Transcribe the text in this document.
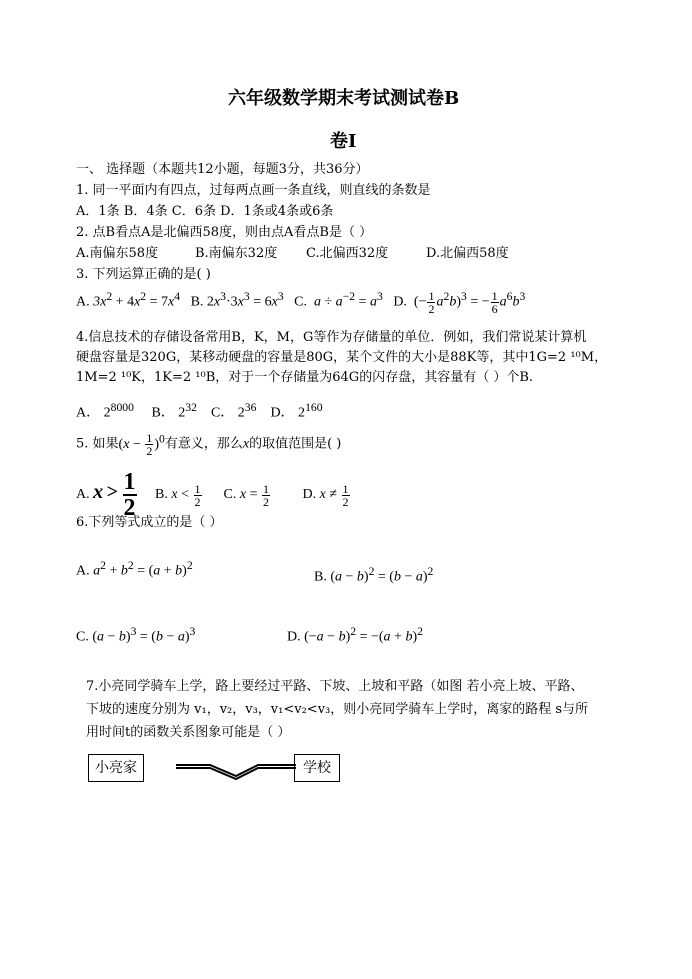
六年级数学期末考试测试卷B
卷I
一、 选择题（本题共12小题，每题3分，共36分）
1. 同一平面内有四点，过每两点画一条直线，则直线的条数是
A．1条 B．4条 C．6条 D．1条或4条或6条
2. 点B看点A是北偏西58度，则由点A看点B是（ ）
A.南偏东58度	B.南偏东32度 C.北偏西32度	D.北偏西58度
3. 下列运算正确的是( )
A. $3x^2 + 4x^2 = 7x^4$   B. $2x^3\cdot 3x^3 = 6x^3$   C.  $a \div a^{-2} = a^3$   D.  (− $\frac{1}{2} a^2b)^3$ = − $\frac{1}{6} a^6b^3$
4.信息技术的存储设备常用B，K，M，G等作为存储量的单位．例如，我们常说某计算机
硬盘容量是320G，某移动硬盘的容量是80G，某个文件的大小是88K等，其中1G=2 ¹⁰M，
1M=2 ¹⁰K，1K=2 ¹⁰B，对于一个存储量为64G的闪存盘，其容量有（ ）个B.
A． $2^{8000}$ B． $2^{32}$ C． $2^{36}$ D． $2^{160}$
5. 如果$(x - \frac{1}{2} )^0$有意义，那么x的取值范围是( )
A. $x > \frac{1}{2} B$. $x < \frac{1}{2} C$. $x = \frac{1}{2} D$. $x \ne \frac{1}{2}$
6.下列等式成立的是（ ）
A. $a^2 + b^2 = (a + b)^2$
B. $(a - b)^2 = (b - a)^2$
C. $(a - b)^3 = (b - a)^3$	D. $(-a - b)^2 = -(a + b)^2$
7.小亮同学骑车上学，路上要经过平路、下坡、上坡和平路（如图 若小亮上坡、平路、
下坡的速度分别为 v₁，v₂，v₃，v₁<v₂<v₃，则小亮同学骑车上学时，离家的路程 s与所
用时间t的函数关系图象可能是（ ）
小亮家	学校
